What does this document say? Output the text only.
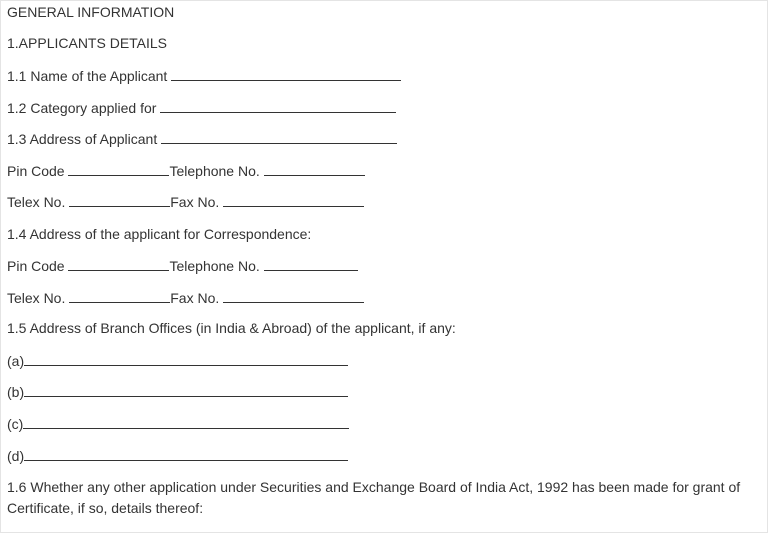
GENERAL INFORMATION
1.APPLICANTS DETAILS
1.1 Name of the Applicant
1.2 Category applied for
1.3 Address of Applicant
Pin Code	Telephone No.
Telex No.	Fax No.
1.4 Address of the applicant for Correspondence:
Pin Code	Telephone No.
Telex No.	Fax No.
1.5 Address of Branch Offices (in India & Abroad) of the applicant, if any:
(a)
(b)
(c)
(d)
1.6 Whether any other application under Securities and Exchange Board of India Act, 1992 has been made for grant of Certificate, if so, details thereof:
